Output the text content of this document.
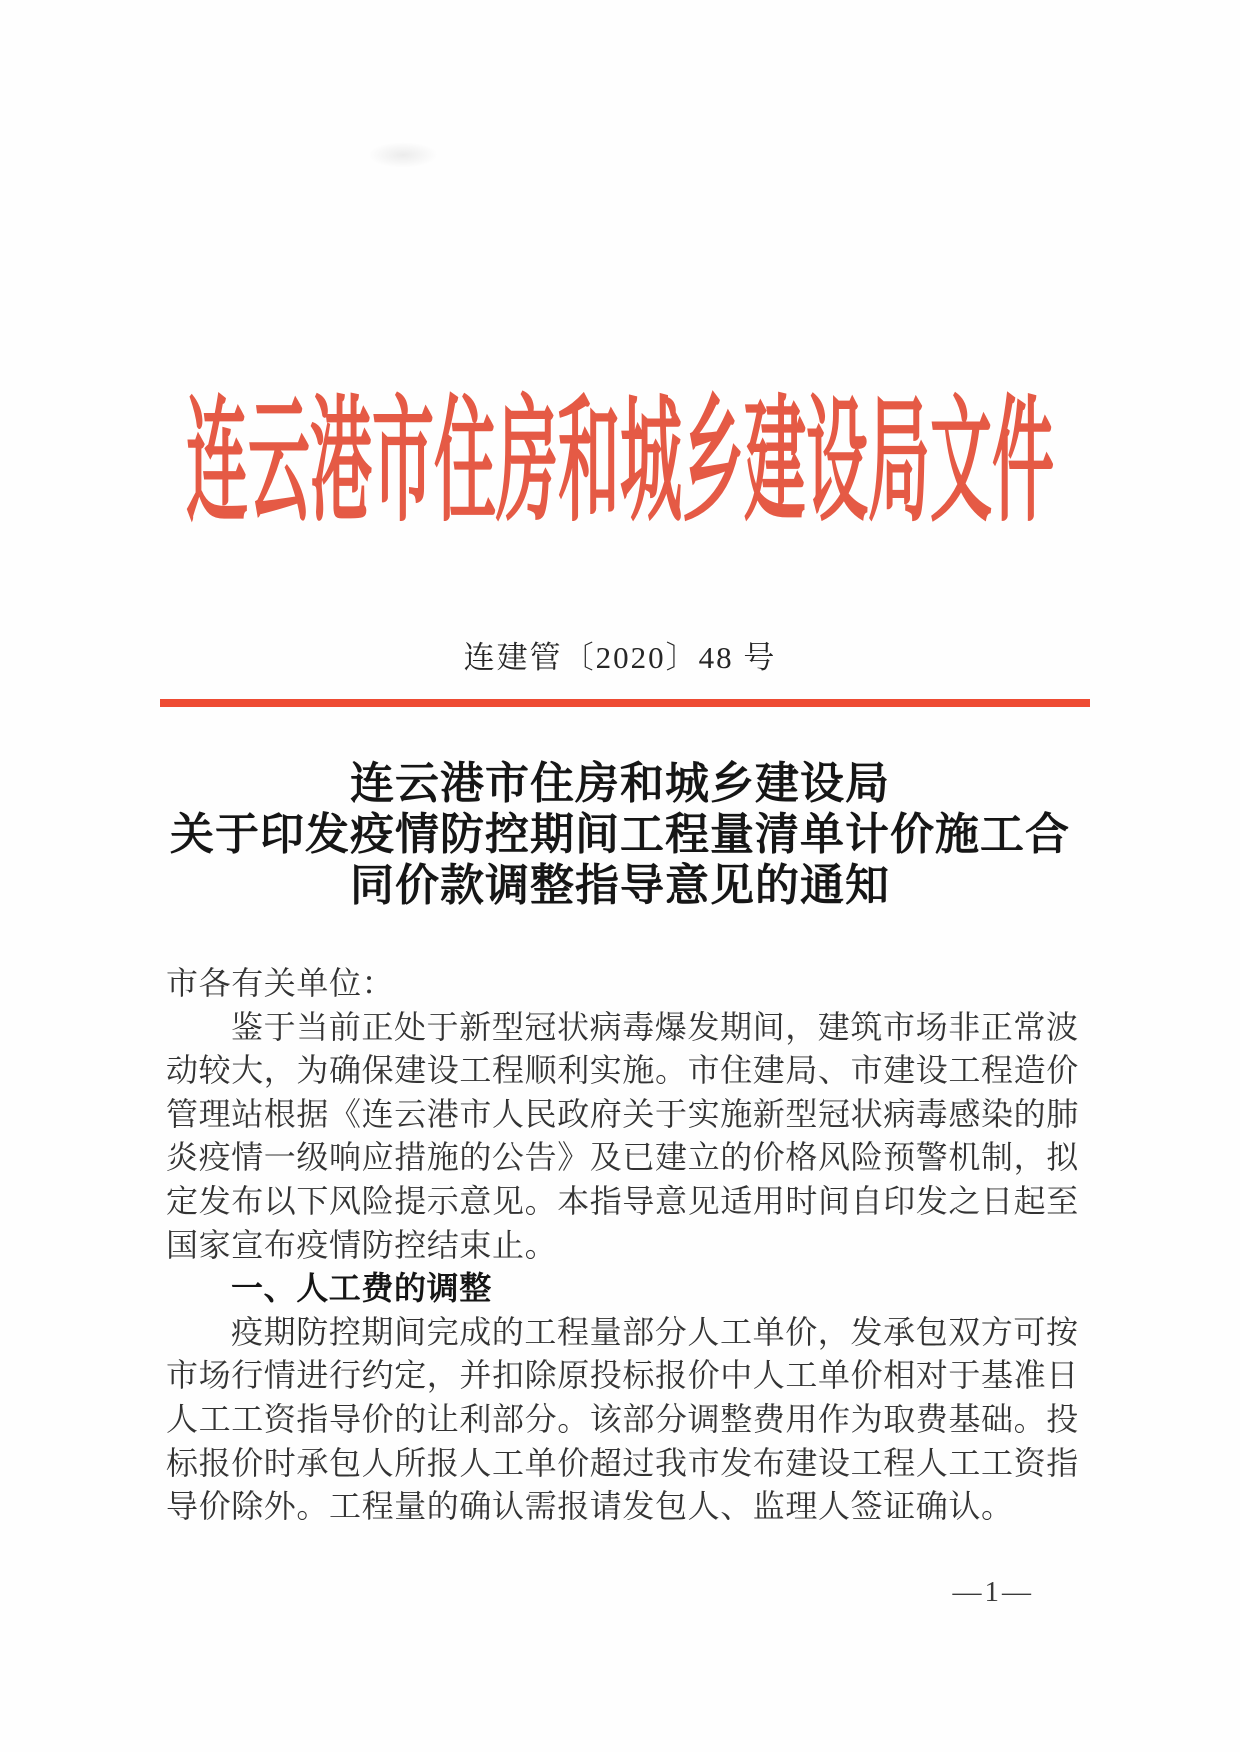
连云港市住房和城乡建设局文件
连建管〔2020〕48 号
连云港市住房和城乡建设局
关于印发疫情防控期间工程量清单计价施工合
同价款调整指导意见的通知
市各有关单位：
鉴于当前正处于新型冠状病毒爆发期间，建筑市场非正常波
动较大，为确保建设工程顺利实施。市住建局、市建设工程造价
管理站根据《连云港市人民政府关于实施新型冠状病毒感染的肺
炎疫情一级响应措施的公告》及已建立的价格风险预警机制，拟
定发布以下风险提示意见。本指导意见适用时间自印发之日起至
国家宣布疫情防控结束止。
一、人工费的调整
疫期防控期间完成的工程量部分人工单价，发承包双方可按
市场行情进行约定，并扣除原投标报价中人工单价相对于基准日
人工工资指导价的让利部分。该部分调整费用作为取费基础。投
标报价时承包人所报人工单价超过我市发布建设工程人工工资指
导价除外。工程量的确认需报请发包人、监理人签证确认。
—1—
